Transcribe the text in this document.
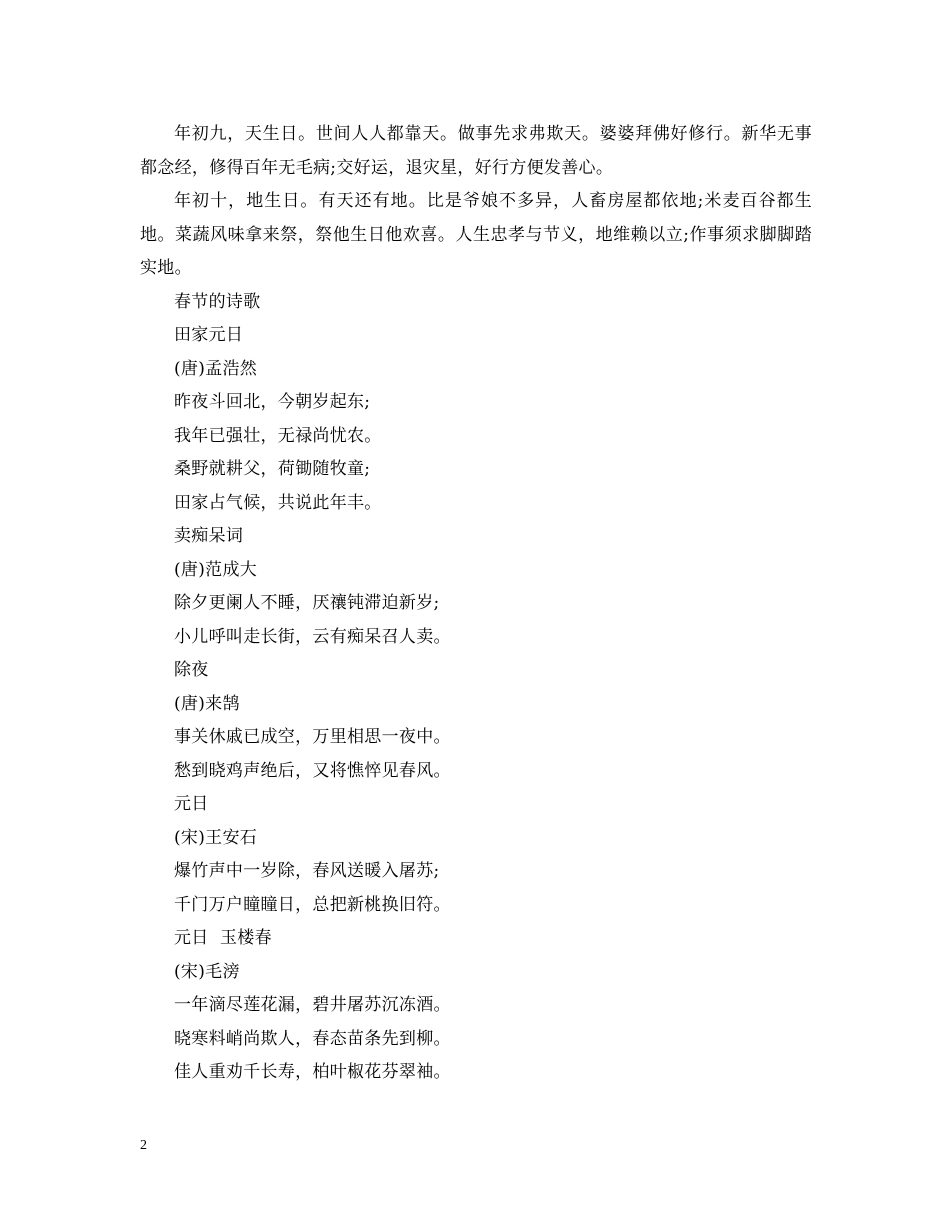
年初九，天生日。世间人人都靠天。做事先求弗欺天。婆婆拜佛好修行。新华无事都念经，修得百年无毛病;交好运，退灾星，好行方便发善心。

年初十，地生日。有天还有地。比是爷娘不多异，人畜房屋都依地;米麦百谷都生地。菜蔬风味拿来祭，祭他生日他欢喜。人生忠孝与节义，地维赖以立;作事须求脚脚踏实地。

春节的诗歌
田家元日
(唐)孟浩然
昨夜斗回北，今朝岁起东;
我年已强壮，无禄尚忧农。
桑野就耕父，荷锄随牧童;
田家占气候，共说此年丰。
卖痴呆词
(唐)范成大
除夕更阑人不睡，厌禳钝滞迫新岁;
小儿呼叫走长街，云有痴呆召人卖。
除夜
(唐)来鹄
事关休戚已成空，万里相思一夜中。
愁到晓鸡声绝后，又将憔悴见春风。
元日
(宋)王安石
爆竹声中一岁除，春风送暖入屠苏;
千门万户瞳瞳日，总把新桃换旧符。
元日  玉楼春
(宋)毛滂
一年滴尽莲花漏，碧井屠苏沉冻酒。
晓寒料峭尚欺人，春态苗条先到柳。
佳人重劝千长寿，柏叶椒花芬翠袖。
2
